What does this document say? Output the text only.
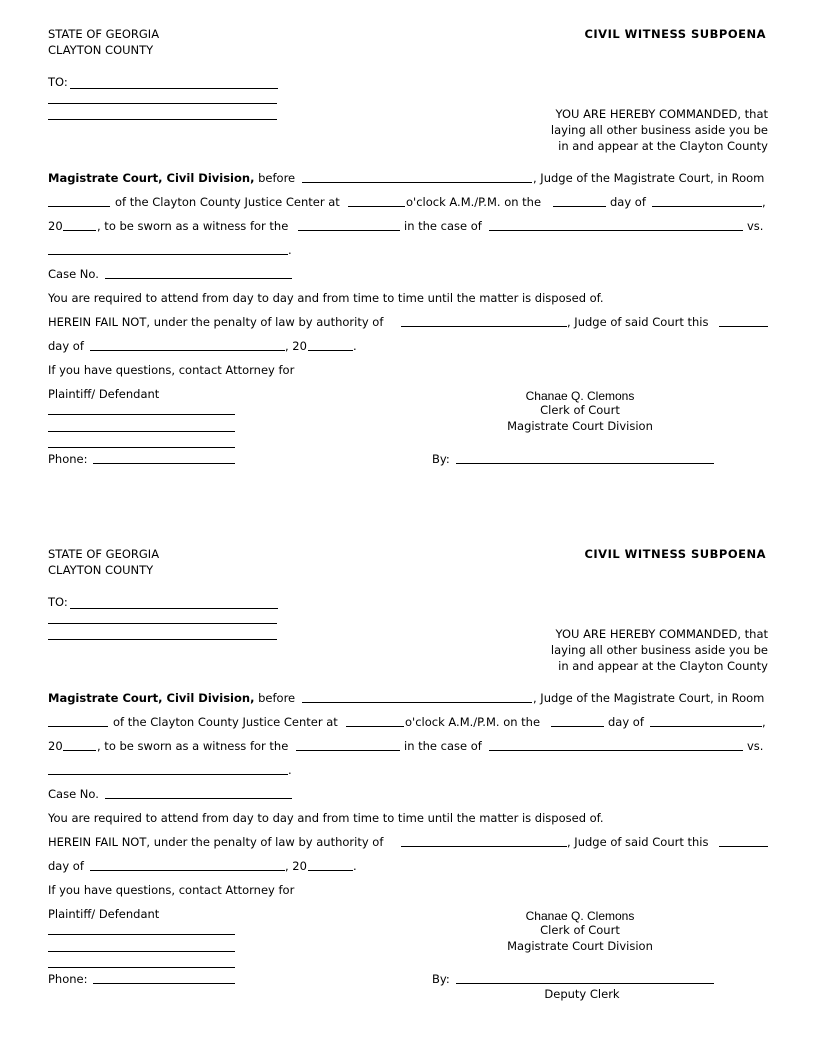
STATE OF GEORGIA
CLAYTON COUNTY
CIVIL WITNESS SUBPOENA
TO:
YOU ARE HEREBY COMMANDED, that
laying all other business aside you be
in and appear at the Clayton County
Magistrate Court, Civil Division, before	, Judge of the Magistrate Court, in Room
of the Clayton County Justice Center at	o'clock A.M./P.M. on the	day of	,
20	, to be sworn as a witness for the	in the case of	vs.
.
Case No.
You are required to attend from day to day and from time to time until the matter is disposed of.
HEREIN FAIL NOT, under the penalty of law by authority of	, Judge of said Court this
day of	, 20	.
If you have questions, contact Attorney for
Plaintiff/ Defendant
Phone:
Chanae Q. Clemons
Clerk of Court
Magistrate Court Division
By:
STATE OF GEORGIA
CLAYTON COUNTY
CIVIL WITNESS SUBPOENA
TO:
YOU ARE HEREBY COMMANDED, that
laying all other business aside you be
in and appear at the Clayton County
Magistrate Court, Civil Division, before	, Judge of the Magistrate Court, in Room
of the Clayton County Justice Center at	o'clock A.M./P.M. on the	day of	,
20	, to be sworn as a witness for the	in the case of	vs.
.
Case No.
You are required to attend from day to day and from time to time until the matter is disposed of.
HEREIN FAIL NOT, under the penalty of law by authority of	, Judge of said Court this
day of	, 20	.
If you have questions, contact Attorney for
Plaintiff/ Defendant
Phone:
Chanae Q. Clemons
Clerk of Court
Magistrate Court Division
By:
Deputy Clerk
